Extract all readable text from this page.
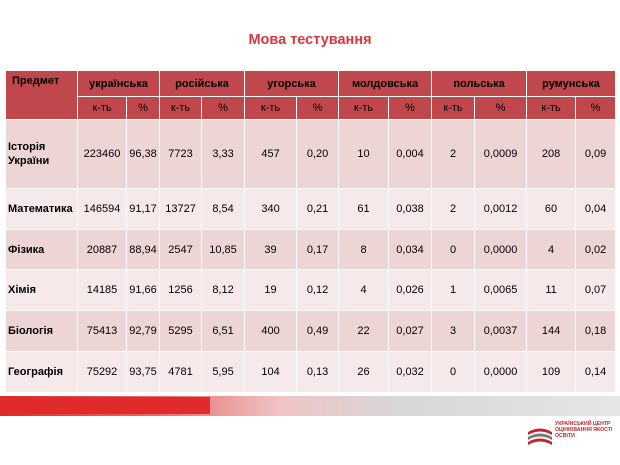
Мова тестування
Предмет	українська		російська		угорська		молдовська		польська		румунська	
	к-ть	%	к-ть	%	к-ть	%	к-ть	%	к-ть	%	к-ть	%
Історія України	223460	96,38	7723	3,33	457	0,20	10	0,004	2	0,0009	208	0,09
Математика	146594	91,17	13727	8,54	340	0,21	61	0,038	2	0,0012	60	0,04
Фізика	20887	88,94	2547	10,85	39	0,17	8	0,034	0	0,0000	4	0,02
Хімія	14185	91,66	1256	8,12	19	0,12	4	0,026	1	0,0065	11	0,07
Біологія	75413	92,79	5295	6,51	400	0,49	22	0,027	3	0,0037	144	0,18
Географія	75292	93,75	4781	5,95	104	0,13	26	0,032	0	0,0000	109	0,14
УКРАЇНСЬКИЙ ЦЕНТР ОЦІНЮВАННЯ ЯКОСТІ ОСВІТИ
